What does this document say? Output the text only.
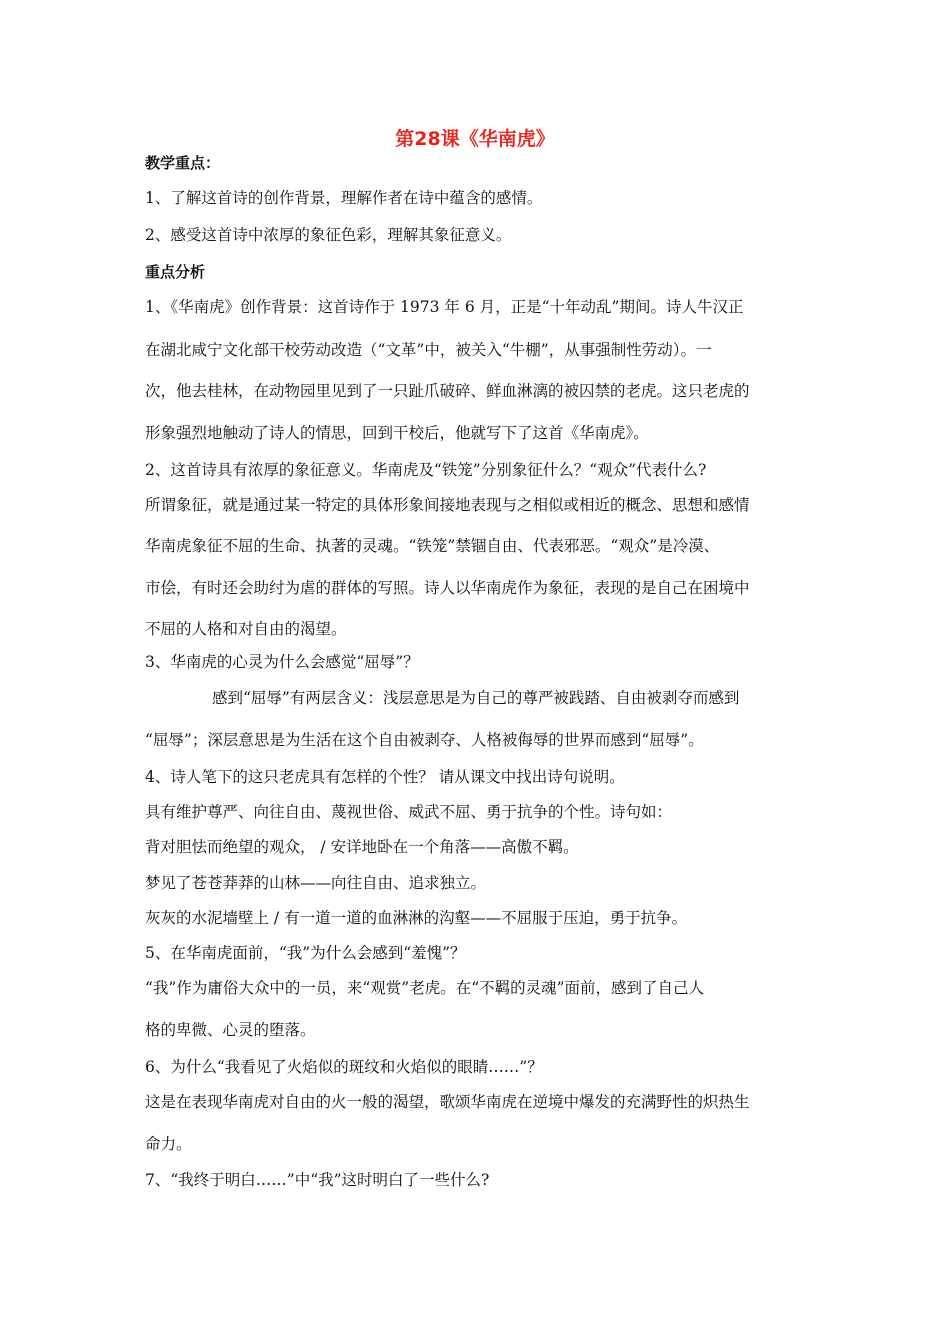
第28课《华南虎》
教学重点：
1、了解这首诗的创作背景，理解作者在诗中蕴含的感情。
2、感受这首诗中浓厚的象征色彩，理解其象征意义。
重点分析
1、《华南虎》创作背景：这首诗作于 1973 年 6 月，正是“十年动乱”期间。诗人牛汉正
在湖北咸宁文化部干校劳动改造（“文革”中，被关入“牛棚”，从事强制性劳动）。一
次，他去桂林，在动物园里见到了一只趾爪破碎、鲜血淋漓的被囚禁的老虎。这只老虎的
形象强烈地触动了诗人的情思，回到干校后，他就写下了这首《华南虎》。
2、这首诗具有浓厚的象征意义。华南虎及“铁笼”分别象征什么？“观众”代表什么?
所谓象征，就是通过某一特定的具体形象间接地表现与之相似或相近的概念、思想和感情
华南虎象征不屈的生命、执著的灵魂。“铁笼”禁锢自由、代表邪恶。“观众”是冷漠、
市侩，有时还会助纣为虐的群体的写照。诗人以华南虎作为象征，表现的是自己在困境中
不屈的人格和对自由的渴望。
3、华南虎的心灵为什么会感觉“屈辱”？
感到“屈辱”有两层含义：浅层意思是为自己的尊严被践踏、自由被剥夺而感到
“屈辱”；深层意思是为生活在这个自由被剥夺、人格被侮辱的世界而感到“屈辱”。
4、诗人笔下的这只老虎具有怎样的个性？ 请从课文中找出诗句说明。
具有维护尊严、向往自由、蔑视世俗、威武不屈、勇于抗争的个性。诗句如：
背对胆怯而绝望的观众， / 安详地卧在一个角落——高傲不羁。
梦见了苍苍莽莽的山林——向往自由、追求独立。
灰灰的水泥墙壁上 / 有一道一道的血淋淋的沟壑——不屈服于压迫，勇于抗争。
5、在华南虎面前，“我”为什么会感到“羞愧”？
“我”作为庸俗大众中的一员，来“观赏”老虎。在“不羁的灵魂”面前，感到了自己人
格的卑微、心灵的堕落。
6、为什么“我看见了火焰似的斑纹和火焰似的眼睛……”？
这是在表现华南虎对自由的火一般的渴望，歌颂华南虎在逆境中爆发的充满野性的炽热生
命力。
7、“我终于明白……”中“我”这时明白了一些什么?
